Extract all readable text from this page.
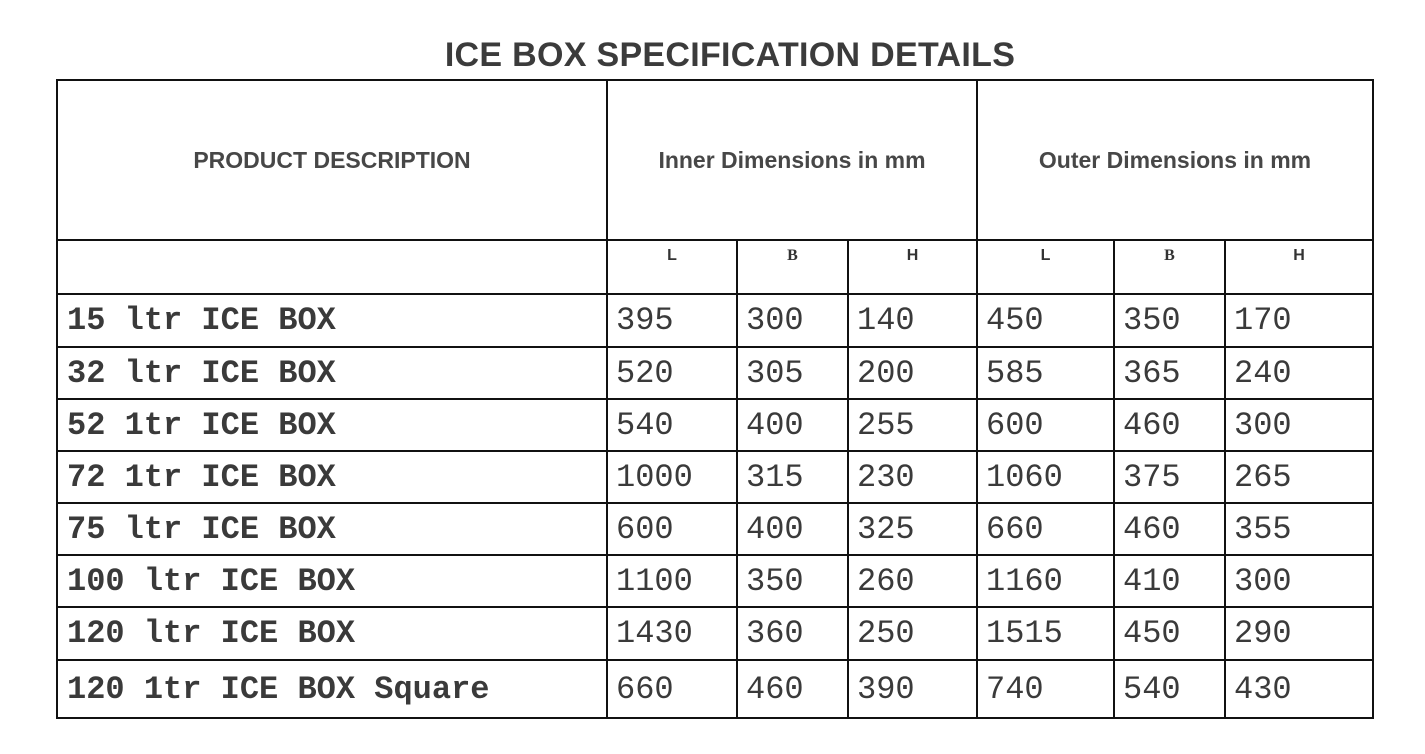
ICE BOX SPECIFICATION DETAILS
PRODUCT DESCRIPTION	Inner Dimensions in mm			Outer Dimensions in mm		
	L	B	H	L	B	H
15 ltr ICE BOX	395	300	140	450	350	170
32 ltr ICE BOX	520	305	200	585	365	240
52 1tr ICE BOX	540	400	255	600	460	300
72 1tr ICE BOX	1000	315	230	1060	375	265
75 ltr ICE BOX	600	400	325	660	460	355
100 ltr ICE BOX	1100	350	260	1160	410	300
120 ltr ICE BOX	1430	360	250	1515	450	290
120 1tr ICE BOX Square	660	460	390	740	540	430
